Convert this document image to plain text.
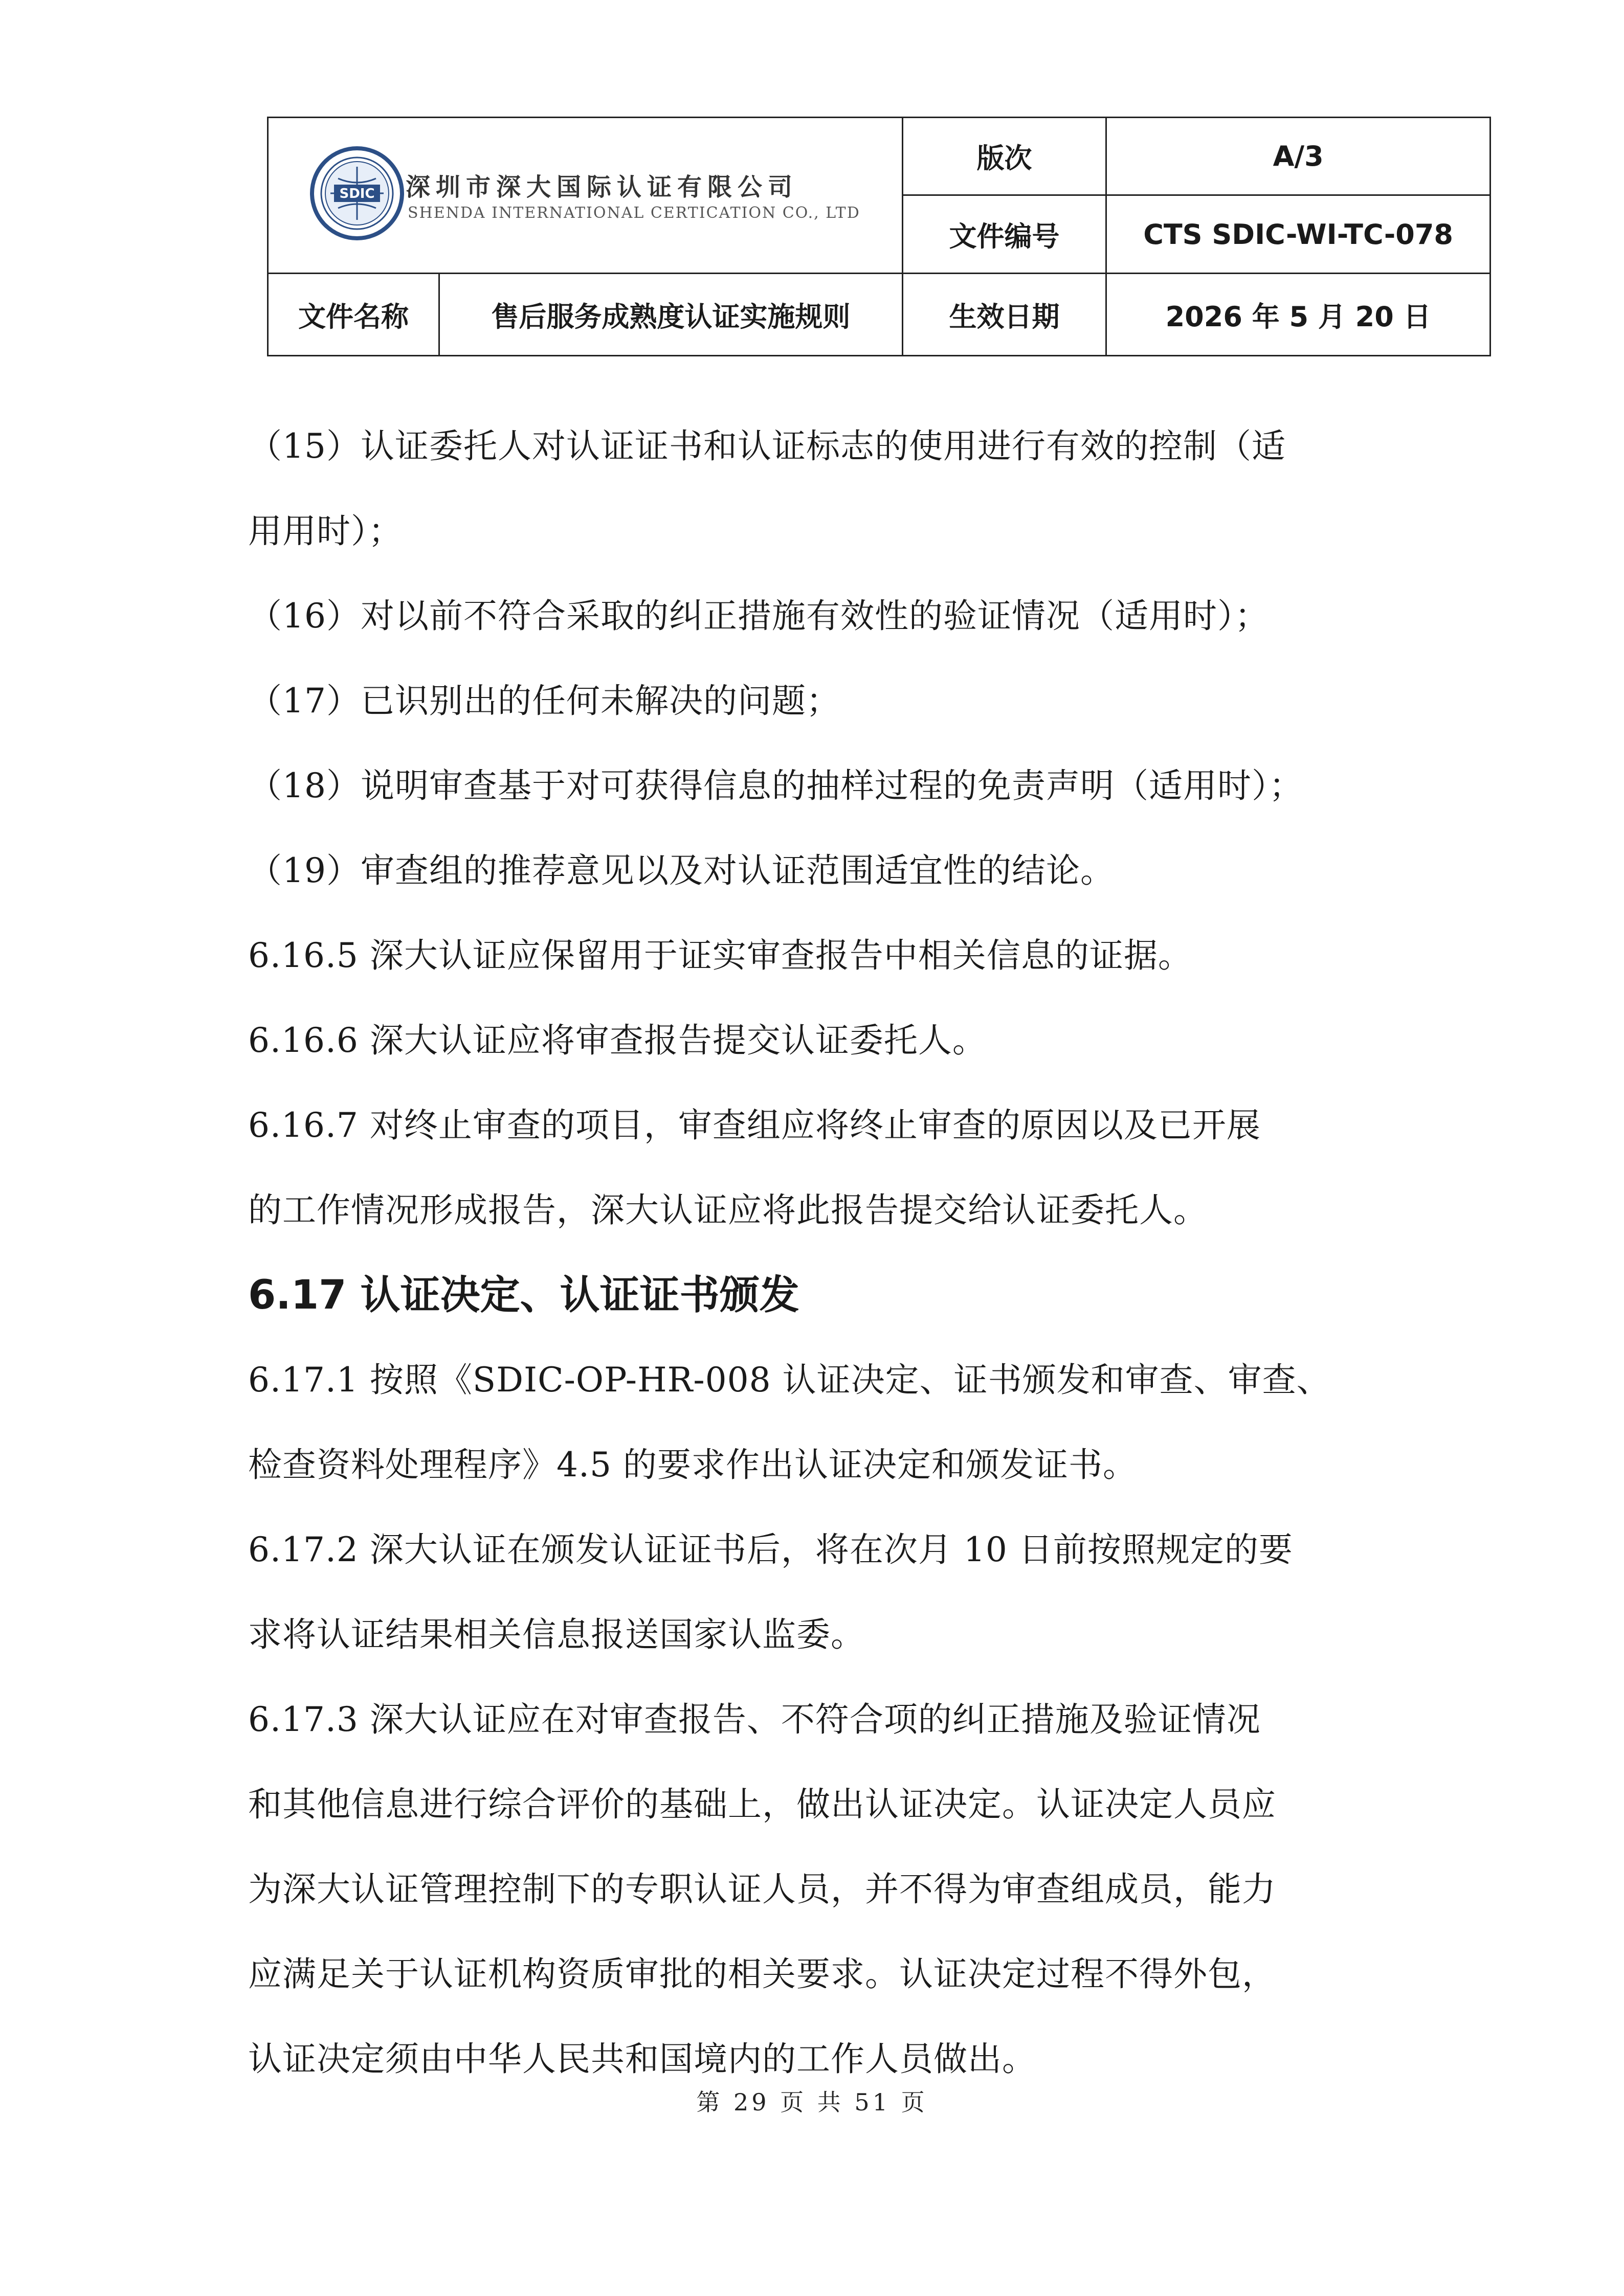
SDIC 深圳市深大国际认证有限公司
SHENDA INTERNATIONAL CERTICATION CO., LTD		版次	A/3
		文件编号	CTS SDIC-WI-TC-078
文件名称	售后服务成熟度认证实施规则	生效日期	2026 年 5 月 20 日
（15）认证委托人对认证证书和认证标志的使用进行有效的控制（适
用用时）；
（16）对以前不符合采取的纠正措施有效性的验证情况（适用时）；
（17）已识别出的任何未解决的问题；
（18）说明审查基于对可获得信息的抽样过程的免责声明（适用时）；
（19）审查组的推荐意见以及对认证范围适宜性的结论。
6.16.5 深大认证应保留用于证实审查报告中相关信息的证据。
6.16.6 深大认证应将审查报告提交认证委托人。
6.16.7 对终止审查的项目，审查组应将终止审查的原因以及已开展
的工作情况形成报告，深大认证应将此报告提交给认证委托人。
6.17 认证决定、认证证书颁发
6.17.1 按照《SDIC-OP-HR-008 认证决定、证书颁发和审查、审查、
检查资料处理程序》4.5 的要求作出认证决定和颁发证书。
6.17.2 深大认证在颁发认证证书后，将在次月 10 日前按照规定的要
求将认证结果相关信息报送国家认监委。
6.17.3 深大认证应在对审查报告、不符合项的纠正措施及验证情况
和其他信息进行综合评价的基础上，做出认证决定。认证决定人员应
为深大认证管理控制下的专职认证人员，并不得为审查组成员，能力
应满足关于认证机构资质审批的相关要求。认证决定过程不得外包，
认证决定须由中华人民共和国境内的工作人员做出。
第 29 页 共 51 页
